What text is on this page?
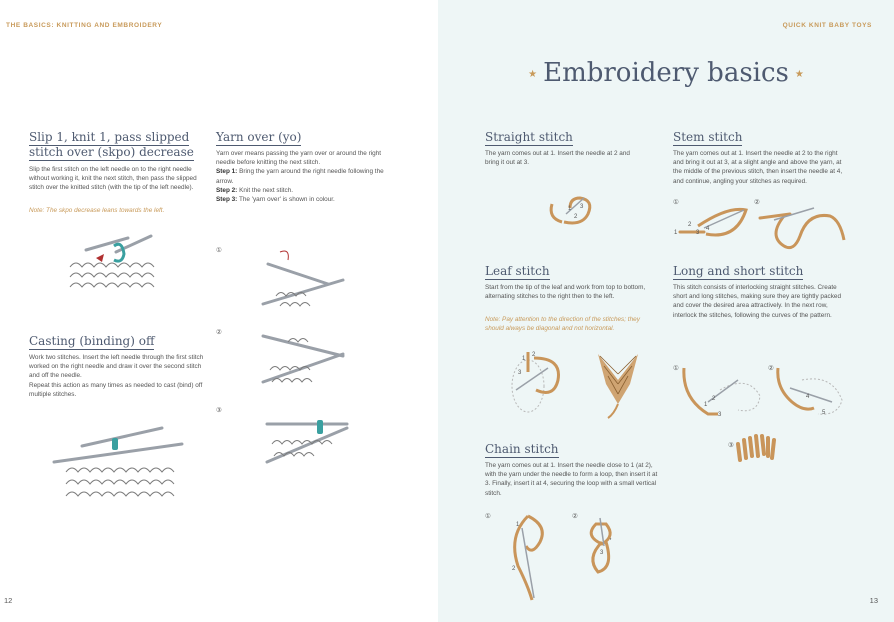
THE BASICS: KNITTING AND EMBROIDERY
Slip 1, knit 1, pass slipped
stitch over (skpo) decrease
Slip the first stitch on the left needle on to the right needle without working it, knit the next stitch, then pass the slipped stitch over the knitted stitch (with the tip of the left needle).
Note: The skpo decrease leans towards the left.
Yarn over (yo)
Yarn over means passing the yarn over or around the right needle before knitting the next stitch.
Step 1: Bring the yarn around the right needle following the arrow.
Step 2: Knit the next stitch.
Step 3: The 'yarn over' is shown in colour.
①
②
③
Casting (binding) off
Work two stitches. Insert the left needle through the first stitch worked on the right needle and draw it over the second stitch and off the needle.
Repeat this action as many times as needed to cast (bind) off multiple stitches.
12
QUICK KNIT BABY TOYS
★ Embroidery basics ★
Straight stitch
The yarn comes out at 1. Insert the needle at 2 and bring it out at 3.
1
2
3
Stem stitch
The yarn comes out at 1. Insert the needle at 2 to the right and bring it out at 3, at a slight angle and above the yarn, at the middle of the previous stitch, then insert the needle at 4, and continue, angling your stitches as required.
①	②
1
2
3
4
Leaf stitch
Start from the tip of the leaf and work from top to bottom, alternating stitches to the right then to the left.
Note: Pay attention to the direction of the stitches; they should always be diagonal and not horizontal.
1
2
3
Long and short stitch
This stitch consists of interlocking straight stitches. Create short and long stitches, making sure they are tightly packed and cover the desired area attractively. In the next row, interlock the stitches, following the curves of the pattern.
①	②
③
1
2
3
4
5
Chain stitch
The yarn comes out at 1. Insert the needle close to 1 (at 2), with the yarn under the needle to form a loop, then insert it at 3. Finally, insert it at 4, securing the loop with a small vertical stitch.
①	②
1
2
3
4
13
